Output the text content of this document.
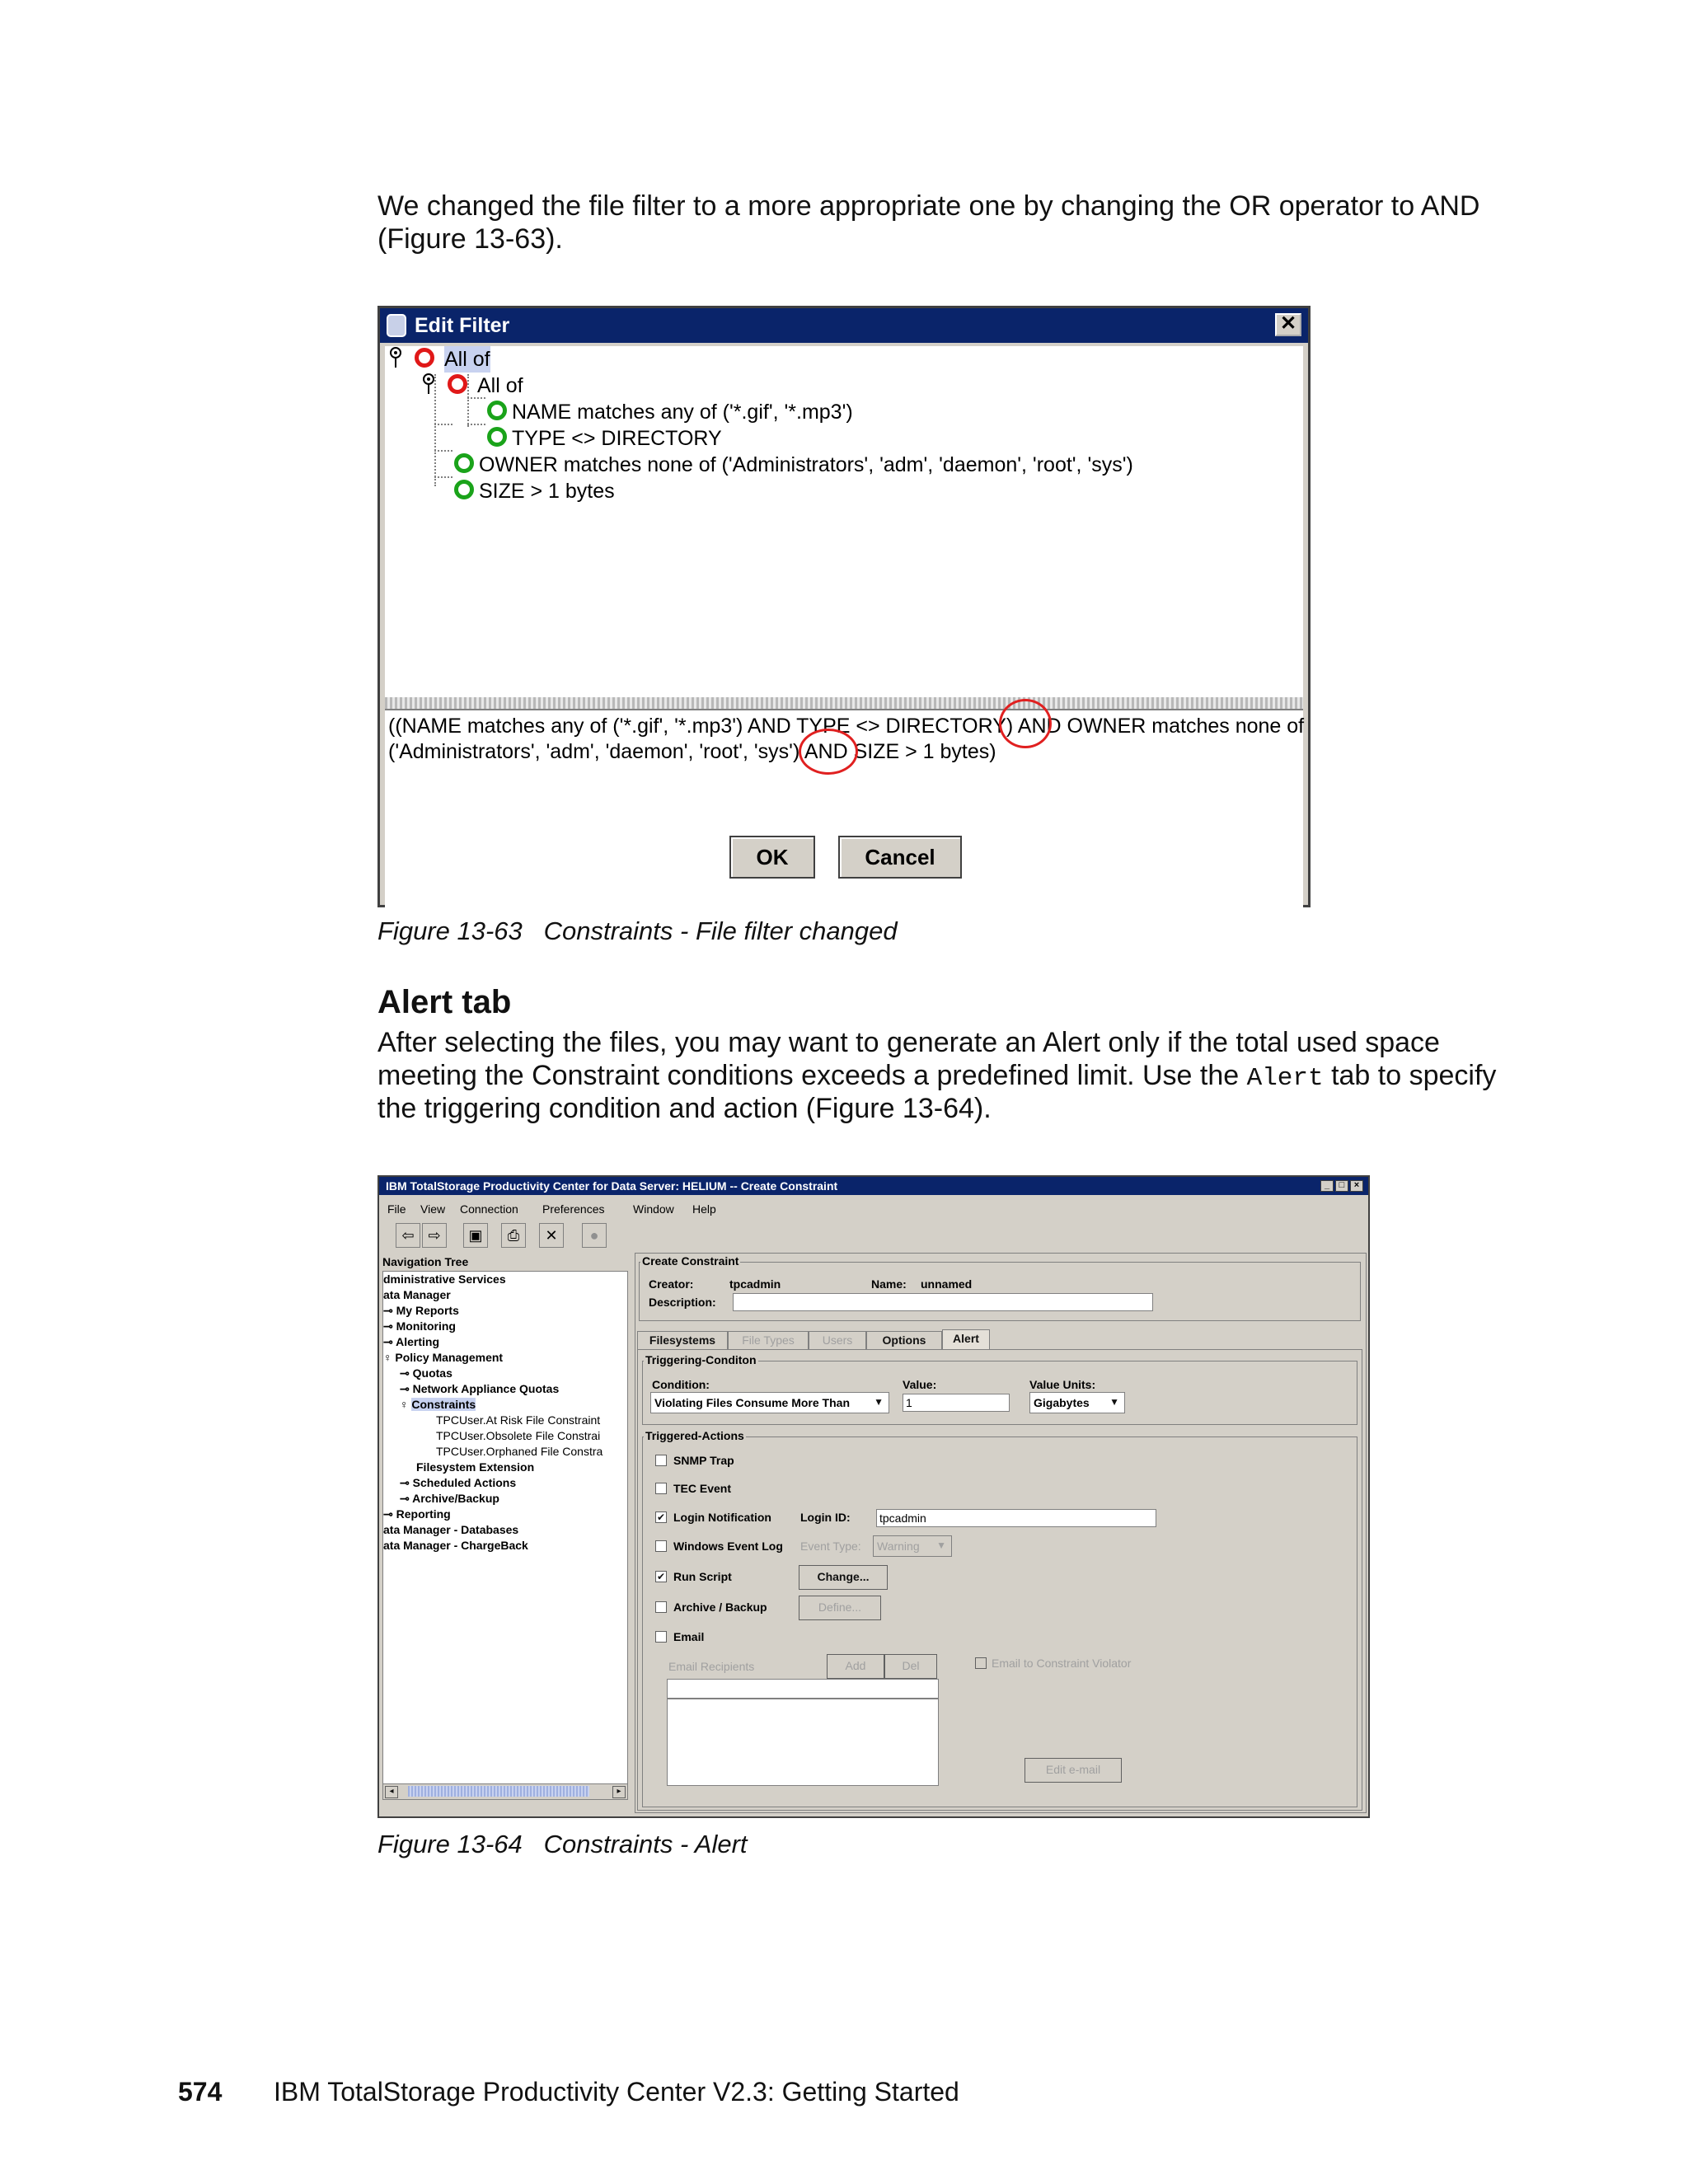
We changed the file filter to a more appropriate one by changing the OR operator to AND (Figure 13-63).
Edit Filter	✕
All of
All of
NAME matches any of ('*.gif', '*.mp3')
TYPE <> DIRECTORY
OWNER matches none of ('Administrators', 'adm', 'daemon', 'root', 'sys')
SIZE > 1 bytes
((NAME matches any of ('*.gif', '*.mp3') AND TYPE <> DIRECTORY) AND OWNER matches none of
('Administrators', 'adm', 'daemon', 'root', 'sys') AND SIZE > 1 bytes)
OK	Cancel
Figure 13-63   Constraints - File filter changed
Alert tab
After selecting the files, you may want to generate an Alert only if the total used space
meeting the Constraint conditions exceeds a predefined limit. Use the Alert tab to specify
the triggering condition and action (Figure 13-64).
IBM TotalStorage Productivity Center for Data Server: HELIUM -- Create Constraint	_	□	×
File View Connection Preferences Window Help
⇦ ⇨	▣	⎙	✕	●
Navigation Tree
dministrative Services
ata Manager
⊸ My Reports
⊸ Monitoring
⊸ Alerting
♀ Policy Management
⊸ Quotas
⊸ Network Appliance Quotas
♀ Constraints
TPCUser.At Risk File Constraint
TPCUser.Obsolete File Constrai
TPCUser.Orphaned File Constra
Filesystem Extension
⊸ Scheduled Actions
⊸ Archive/Backup
⊸ Reporting
ata Manager - Databases
ata Manager - ChargeBack
◂	▸
Create Constraint
Creator:	tpcadmin	Name: unnamed
Description:
Filesystems	File Types	Users	Options	Alert
Triggering-Conditon
Condition:
Violating Files Consume More Than ▼
Value:
1
Value Units:
Gigabytes ▼
Triggered-Actions
SNMP Trap
TEC Event
✔ Login Notification	Login ID:	tpcadmin
Windows Event Log Event Type: Warning ▼
✔ Run Script	Change...
Archive / Backup	Define...
Email
Email Recipients	Add	Del	Email to Constraint Violator
Edit e-mail
Figure 13-64   Constraints - Alert
574 IBM TotalStorage Productivity Center V2.3: Getting Started
